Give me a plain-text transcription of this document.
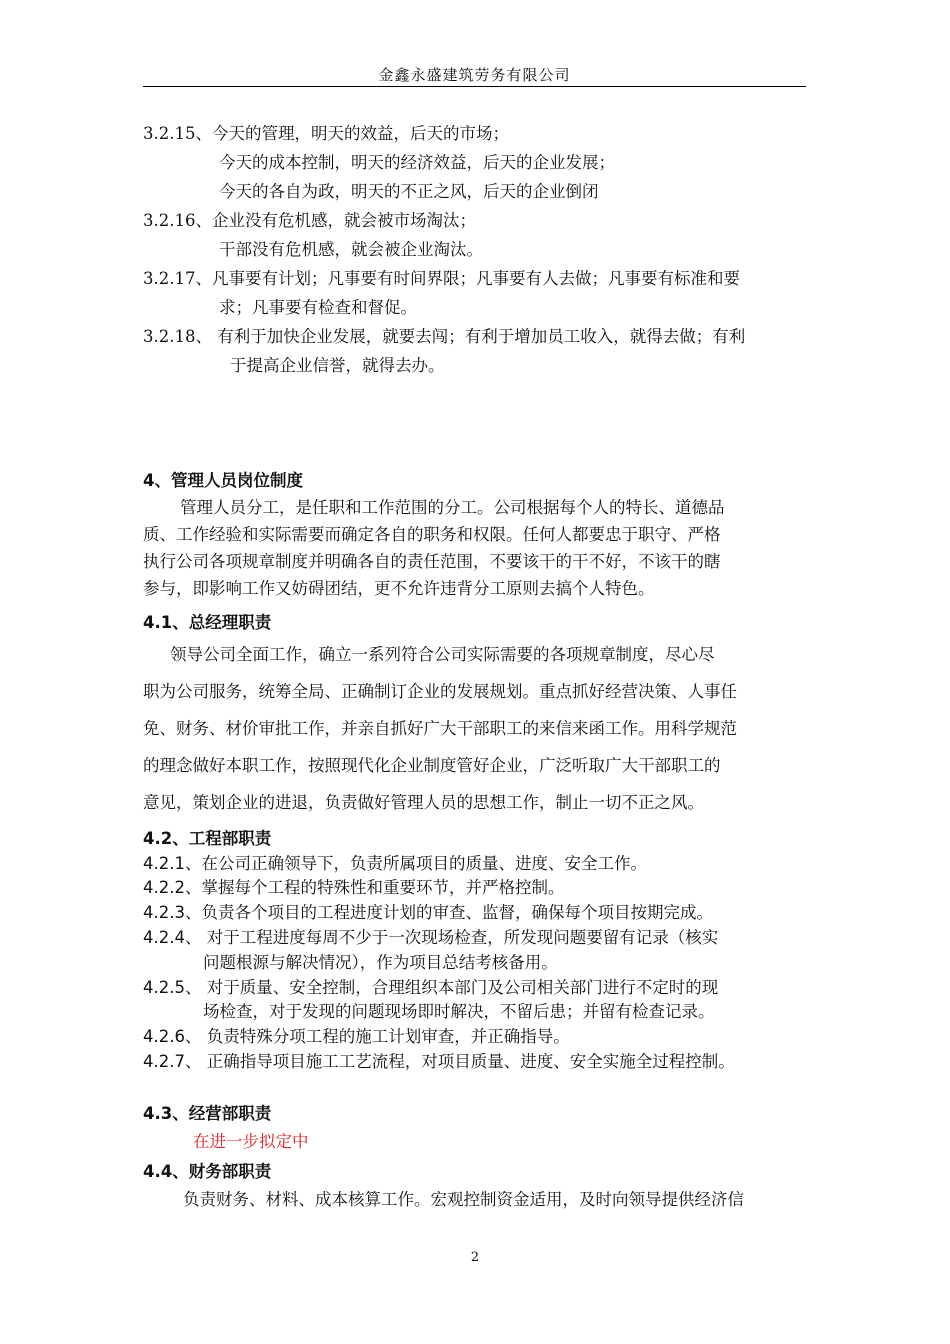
金鑫永盛建筑劳务有限公司
3.2.15、今天的管理，明天的效益，后天的市场；
今天的成本控制，明天的经济效益，后天的企业发展；
今天的各自为政，明天的不正之风，后天的企业倒闭
3.2.16、企业没有危机感，就会被市场淘汰；
干部没有危机感，就会被企业淘汰。
3.2.17、凡事要有计划；凡事要有时间界限；凡事要有人去做；凡事要有标准和要
求；凡事要有检查和督促。
3.2.18、 有利于加快企业发展，就要去闯；有利于增加员工收入，就得去做；有利
于提高企业信誉，就得去办。
4、管理人员岗位制度
管理人员分工，是任职和工作范围的分工。公司根据每个人的特长、道德品
质、工作经验和实际需要而确定各自的职务和权限。任何人都要忠于职守、严格
执行公司各项规章制度并明确各自的责任范围，不要该干的干不好，不该干的瞎
参与，即影响工作又妨碍团结，更不允许违背分工原则去搞个人特色。
4.1、总经理职责
领导公司全面工作，确立一系列符合公司实际需要的各项规章制度，尽心尽
职为公司服务，统筹全局、正确制订企业的发展规划。重点抓好经营决策、人事任
免、财务、材价审批工作，并亲自抓好广大干部职工的来信来函工作。用科学规范
的理念做好本职工作，按照现代化企业制度管好企业，广泛听取广大干部职工的
意见，策划企业的进退，负责做好管理人员的思想工作，制止一切不正之风。
4.2、工程部职责
4.2.1、在公司正确领导下，负责所属项目的质量、进度、安全工作。
4.2.2、掌握每个工程的特殊性和重要环节，并严格控制。
4.2.3、负责各个项目的工程进度计划的审查、监督，确保每个项目按期完成。
4.2.4、 对于工程进度每周不少于一次现场检查，所发现问题要留有记录（核实
问题根源与解决情况），作为项目总结考核备用。
4.2.5、 对于质量、安全控制，合理组织本部门及公司相关部门进行不定时的现
场检查，对于发现的问题现场即时解决，不留后患；并留有检查记录。
4.2.6、 负责特殊分项工程的施工计划审查，并正确指导。
4.2.7、 正确指导项目施工工艺流程，对项目质量、进度、安全实施全过程控制。
4.3、经营部职责
在进一步拟定中
4.4、财务部职责
负责财务、材料、成本核算工作。宏观控制资金适用，及时向领导提供经济信
2
